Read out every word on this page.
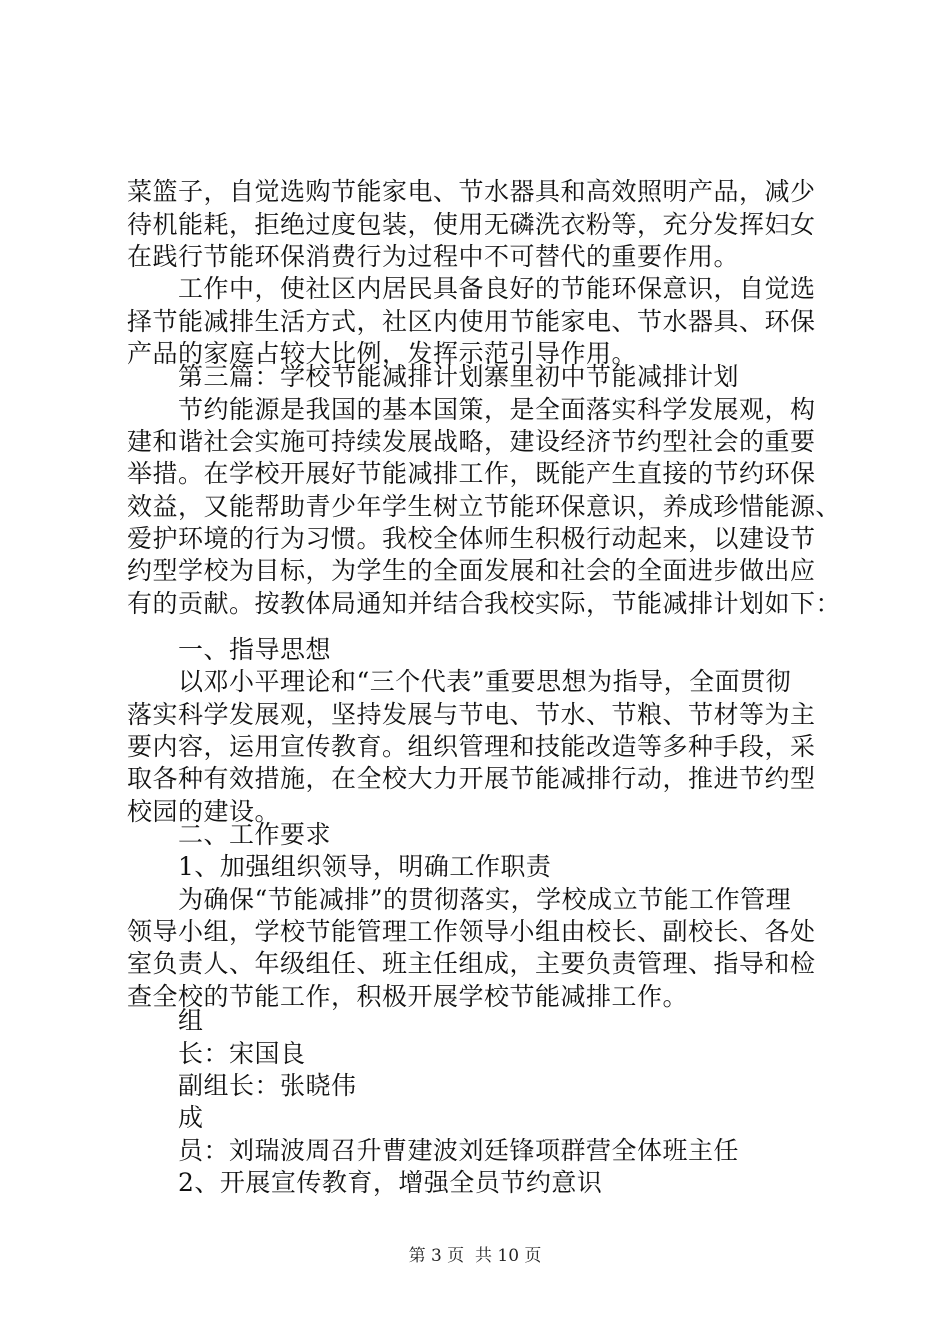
菜篮子，自觉选购节能家电、节水器具和高效照明产品，减少
待机能耗，拒绝过度包装，使用无磷洗衣粉等，充分发挥妇女
在践行节能环保消费行为过程中不可替代的重要作用。
工作中，使社区内居民具备良好的节能环保意识，自觉选
择节能减排生活方式，社区内使用节能家电、节水器具、环保
产品的家庭占较大比例，发挥示范引导作用。
第三篇：学校节能减排计划寨里初中节能减排计划
节约能源是我国的基本国策，是全面落实科学发展观，构
建和谐社会实施可持续发展战略，建设经济节约型社会的重要
举措。在学校开展好节能减排工作，既能产生直接的节约环保
效益，又能帮助青少年学生树立节能环保意识，养成珍惜能源、
爱护环境的行为习惯。我校全体师生积极行动起来，以建设节
约型学校为目标，为学生的全面发展和社会的全面进步做出应
有的贡献。按教体局通知并结合我校实际，节能减排计划如下：
一、指导思想
以邓小平理论和“三个代表”重要思想为指导，全面贯彻
落实科学发展观，坚持发展与节电、节水、节粮、节材等为主
要内容，运用宣传教育。组织管理和技能改造等多种手段，采
取各种有效措施，在全校大力开展节能减排行动，推进节约型
校园的建设。
二、工作要求
1、加强组织领导，明确工作职责
为确保“节能减排”的贯彻落实，学校成立节能工作管理
领导小组，学校节能管理工作领导小组由校长、副校长、各处
室负责人、年级组任、班主任组成，主要负责管理、指导和检
查全校的节能工作，积极开展学校节能减排工作。
组
长：宋国良
副组长：张晓伟
成
员：刘瑞波周召升曹建波刘廷锋项群营全体班主任
2、开展宣传教育，增强全员节约意识
第 3 页  共 10 页
